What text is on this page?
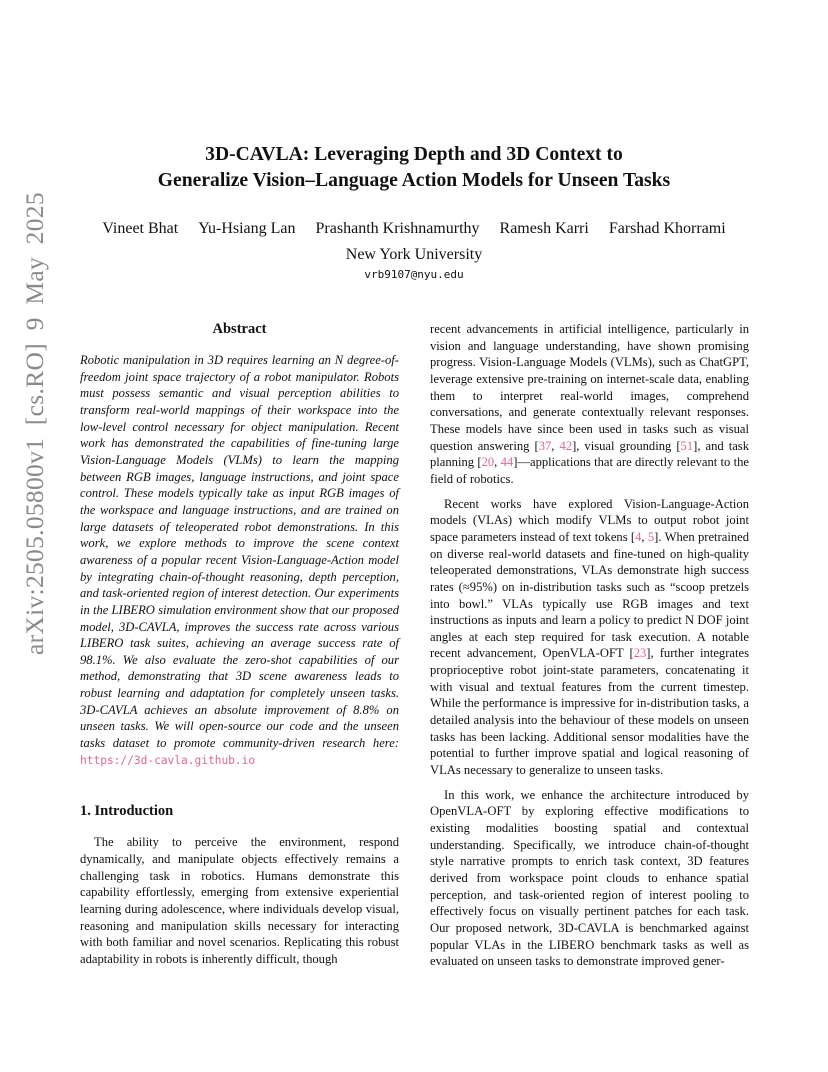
arXiv:2505.05800v1 [cs.RO] 9 May 2025
3D-CAVLA: Leveraging Depth and 3D Context to
Generalize Vision–Language Action Models for Unseen Tasks
Vineet Bhat Yu-Hsiang Lan Prashanth Krishnamurthy Ramesh Karri Farshad Khorrami
New York University
vrb9107@nyu.edu
Abstract

Robotic manipulation in 3D requires learning an N degree-of-freedom joint space trajectory of a robot manipulator. Robots must possess semantic and visual perception abilities to transform real-world mappings of their workspace into the low-level control necessary for object manipulation. Recent work has demonstrated the capabilities of fine-tuning large Vision-Language Models (VLMs) to learn the mapping between RGB images, language instructions, and joint space control. These models typically take as input RGB images of the workspace and language instructions, and are trained on large datasets of teleoperated robot demonstrations. In this work, we explore methods to improve the scene context awareness of a popular recent Vision-Language-Action model by integrating chain-of-thought reasoning, depth perception, and task-oriented region of interest detection. Our experiments in the LIBERO simulation environment show that our proposed model, 3D-CAVLA, improves the success rate across various LIBERO task suites, achieving an average success rate of 98.1%. We also evaluate the zero-shot capabilities of our method, demonstrating that 3D scene awareness leads to robust learning and adaptation for completely unseen tasks. 3D-CAVLA achieves an absolute improvement of 8.8% on unseen tasks. We will open-source our code and the unseen tasks dataset to promote community-driven research here: https://3d-cavla.github.io

1. Introduction

The ability to perceive the environment, respond dynamically, and manipulate objects effectively remains a challenging task in robotics. Humans demonstrate this capability effortlessly, emerging from extensive experiential learning during adolescence, where individuals develop visual, reasoning and manipulation skills necessary for interacting with both familiar and novel scenarios. Replicating this robust adaptability in robots is inherently difficult, though

recent advancements in artificial intelligence, particularly in vision and language understanding, have shown promising progress. Vision-Language Models (VLMs), such as ChatGPT, leverage extensive pre-training on internet-scale data, enabling them to interpret real-world images, comprehend conversations, and generate contextually relevant responses. These models have since been used in tasks such as visual question answering [37, 42], visual grounding [51], and task planning [20, 44]—applications that are directly relevant to the field of robotics.

Recent works have explored Vision-Language-Action models (VLAs) which modify VLMs to output robot joint space parameters instead of text tokens [4, 5]. When pretrained on diverse real-world datasets and fine-tuned on high-quality teleoperated demonstrations, VLAs demonstrate high success rates (≈95%) on in-distribution tasks such as “scoop pretzels into bowl.” VLAs typically use RGB images and text instructions as inputs and learn a policy to predict N DOF joint angles at each step required for task execution. A notable recent advancement, OpenVLA-OFT [23], further integrates proprioceptive robot joint-state parameters, concatenating it with visual and textual features from the current timestep. While the performance is impressive for in-distribution tasks, a detailed analysis into the behaviour of these models on unseen tasks has been lacking. Additional sensor modalities have the potential to further improve spatial and logical reasoning of VLAs necessary to generalize to unseen tasks.

In this work, we enhance the architecture introduced by OpenVLA-OFT by exploring effective modifications to existing modalities boosting spatial and contextual understanding. Specifically, we introduce chain-of-thought style narrative prompts to enrich task context, 3D features derived from workspace point clouds to enhance spatial perception, and task-oriented region of interest pooling to effectively focus on visually pertinent patches for each task. Our proposed network, 3D-CAVLA is benchmarked against popular VLAs in the LIBERO benchmark tasks as well as evaluated on unseen tasks to demonstrate improved gener-
